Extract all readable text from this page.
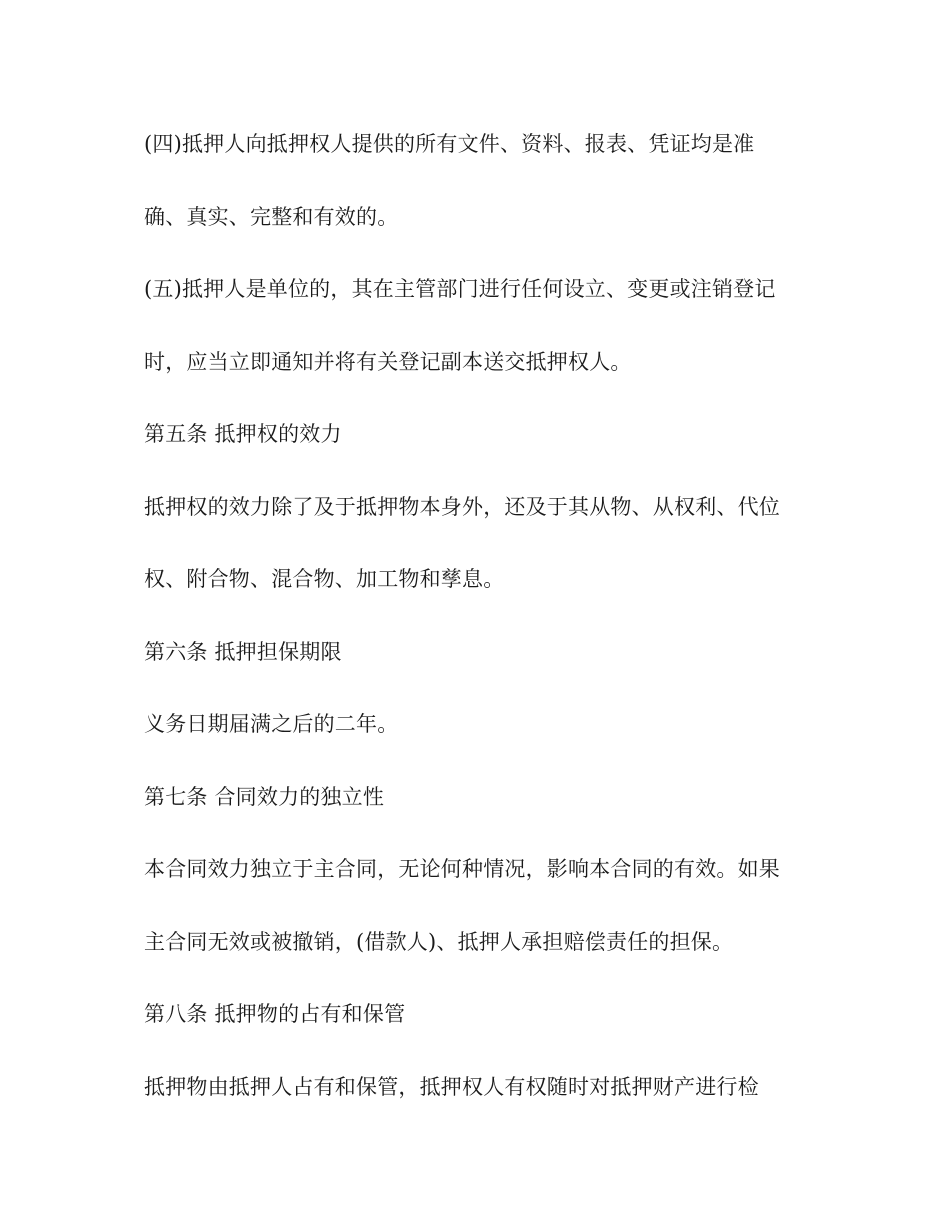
(四)抵押人向抵押权人提供的所有文件、资料、报表、凭证均是准
确、真实、完整和有效的。
(五)抵押人是单位的，其在主管部门进行任何设立、变更或注销登记
时，应当立即通知并将有关登记副本送交抵押权人。
第五条 抵押权的效力
抵押权的效力除了及于抵押物本身外，还及于其从物、从权利、代位
权、附合物、混合物、加工物和孳息。
第六条 抵押担保期限
义务日期届满之后的二年。
第七条 合同效力的独立性
本合同效力独立于主合同，无论何种情况，影响本合同的有效。如果
主合同无效或被撤销，(借款人)、抵押人承担赔偿责任的担保。
第八条 抵押物的占有和保管
抵押物由抵押人占有和保管，抵押权人有权随时对抵押财产进行检
